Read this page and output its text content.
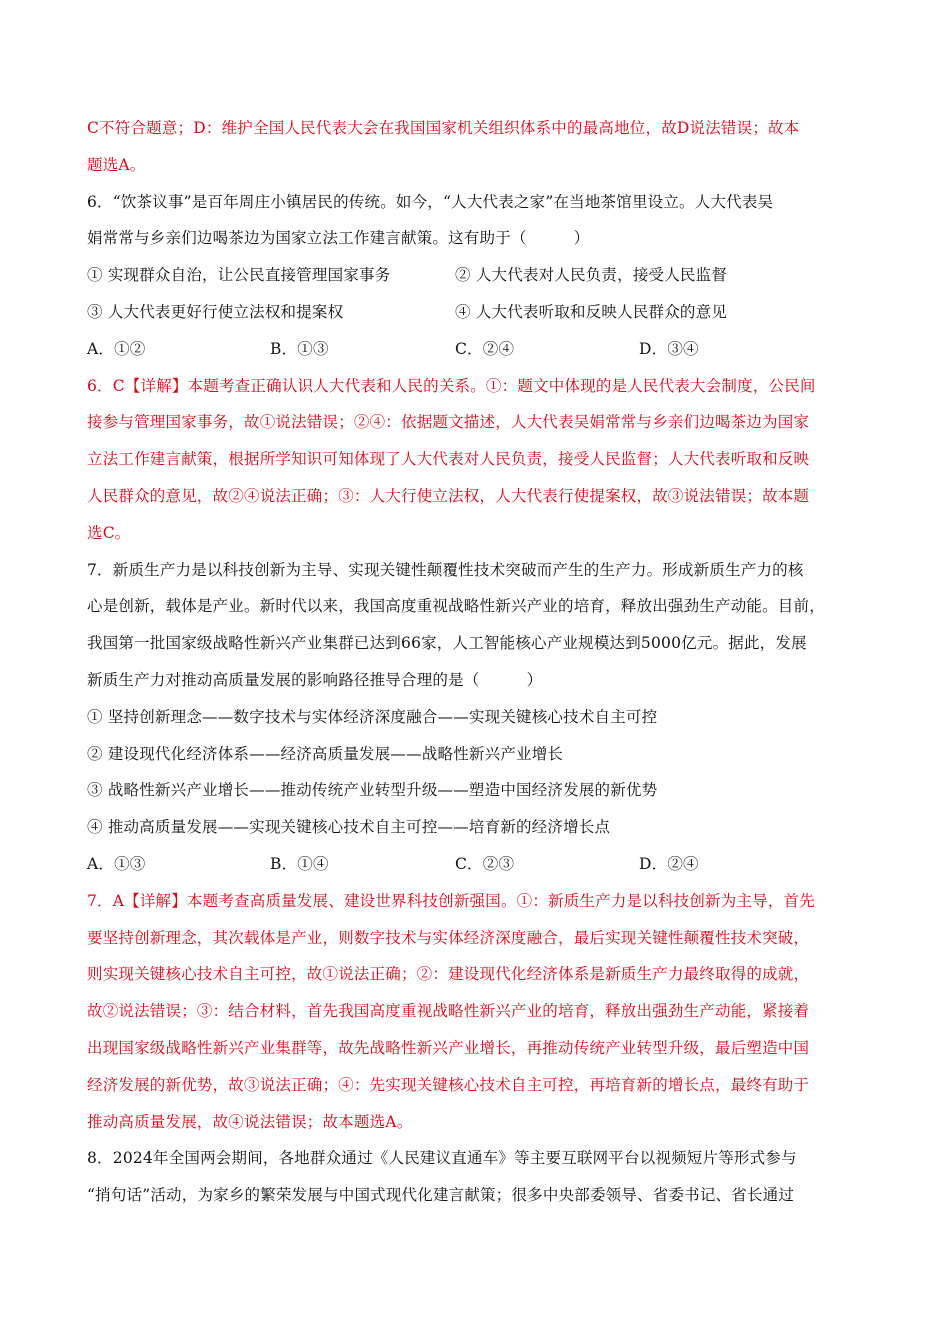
C不符合题意；D：维护全国人民代表大会在我国国家机关组织体系中的最高地位，故D说法错误；故本
题选A。
6．“饮茶议事”是百年周庄小镇居民的传统。如今，“人大代表之家”在当地茶馆里设立。人大代表吴
娟常常与乡亲们边喝茶边为国家立法工作建言献策。这有助于（　　　）
① 实现群众自治，让公民直接管理国家事务	② 人大代表对人民负责，接受人民监督
③ 人大代表更好行使立法权和提案权	④ 人大代表听取和反映人民群众的意见
A．①②	B．①③	C．②④	D．③④
6．C【详解】本题考查正确认识人大代表和人民的关系。①：题文中体现的是人民代表大会制度，公民间
接参与管理国家事务，故①说法错误；②④：依据题文描述，人大代表吴娟常常与乡亲们边喝茶边为国家
立法工作建言献策，根据所学知识可知体现了人大代表对人民负责，接受人民监督；人大代表听取和反映
人民群众的意见，故②④说法正确；③：人大行使立法权，人大代表行使提案权，故③说法错误；故本题
选C。
7．新质生产力是以科技创新为主导、实现关键性颠覆性技术突破而产生的生产力。形成新质生产力的核
心是创新，载体是产业。新时代以来，我国高度重视战略性新兴产业的培育，释放出强劲生产动能。目前，
我国第一批国家级战略性新兴产业集群已达到66家，人工智能核心产业规模达到5000亿元。据此，发展
新质生产力对推动高质量发展的影响路径推导合理的是（　　　）
① 坚持创新理念——数字技术与实体经济深度融合——实现关键核心技术自主可控
② 建设现代化经济体系——经济高质量发展——战略性新兴产业增长
③ 战略性新兴产业增长——推动传统产业转型升级——塑造中国经济发展的新优势
④ 推动高质量发展——实现关键核心技术自主可控——培育新的经济增长点
A．①③	B．①④	C．②③	D．②④
7．A【详解】本题考查高质量发展、建设世界科技创新强国。①：新质生产力是以科技创新为主导，首先
要坚持创新理念，其次载体是产业，则数字技术与实体经济深度融合，最后实现关键性颠覆性技术突破，
则实现关键核心技术自主可控，故①说法正确；②：建设现代化经济体系是新质生产力最终取得的成就，
故②说法错误；③：结合材料，首先我国高度重视战略性新兴产业的培育，释放出强劲生产动能，紧接着
出现国家级战略性新兴产业集群等，故先战略性新兴产业增长，再推动传统产业转型升级，最后塑造中国
经济发展的新优势，故③说法正确；④：先实现关键核心技术自主可控，再培育新的增长点，最终有助于
推动高质量发展，故④说法错误；故本题选A。
8．2024年全国两会期间，各地群众通过《人民建议直通车》等主要互联网平台以视频短片等形式参与
“捎句话”活动，为家乡的繁荣发展与中国式现代化建言献策；很多中央部委领导、省委书记、省长通过
